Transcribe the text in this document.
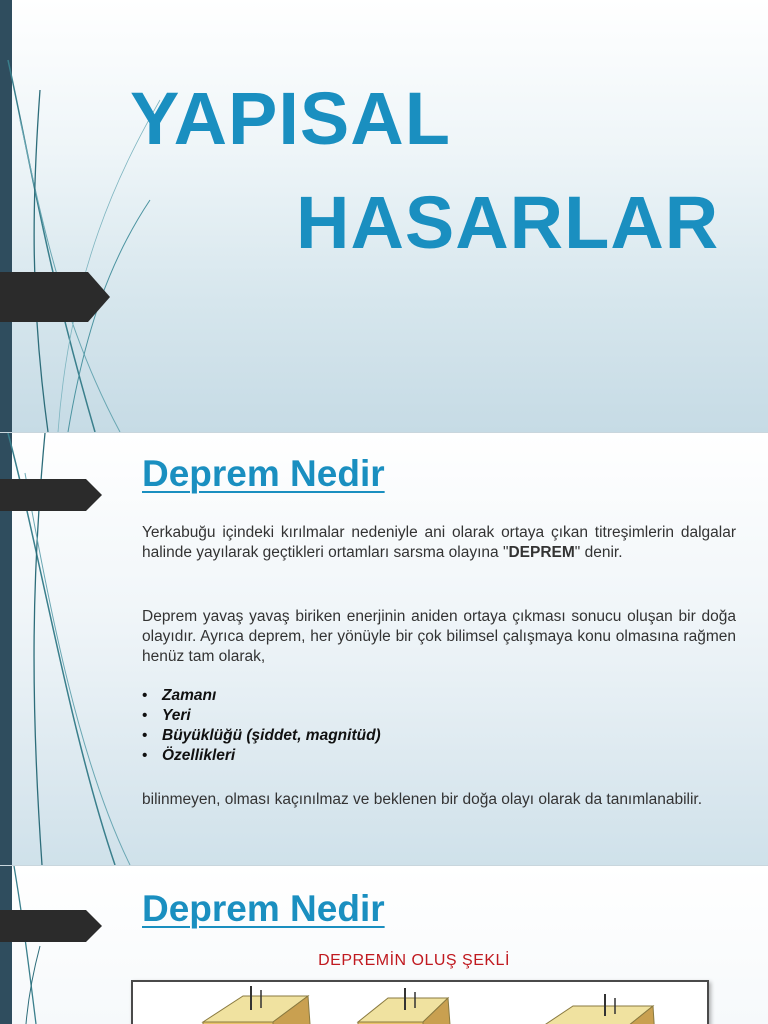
YAPISAL
HASARLAR
Deprem Nedir

Yerkabuğu içindeki kırılmalar nedeniyle ani olarak ortaya çıkan titreşimlerin dalgalar halinde yayılarak geçtikleri ortamları sarsma olayına "DEPREM" denir.

Deprem yavaş yavaş biriken enerjinin aniden ortaya çıkması sonucu oluşan bir doğa olayıdır. Ayrıca deprem, her yönüyle bir çok bilimsel çalışmaya konu olmasına rağmen henüz tam olarak,

• Zamanı
• Yeri
• Büyüklüğü (şiddet, magnitüd)
• Özellikleri

bilinmeyen, olması kaçınılmaz ve beklenen bir doğa olayı olarak da tanımlanabilir.

Deprem Nedir

DEPREMİN OLUŞ ŞEKLİ
